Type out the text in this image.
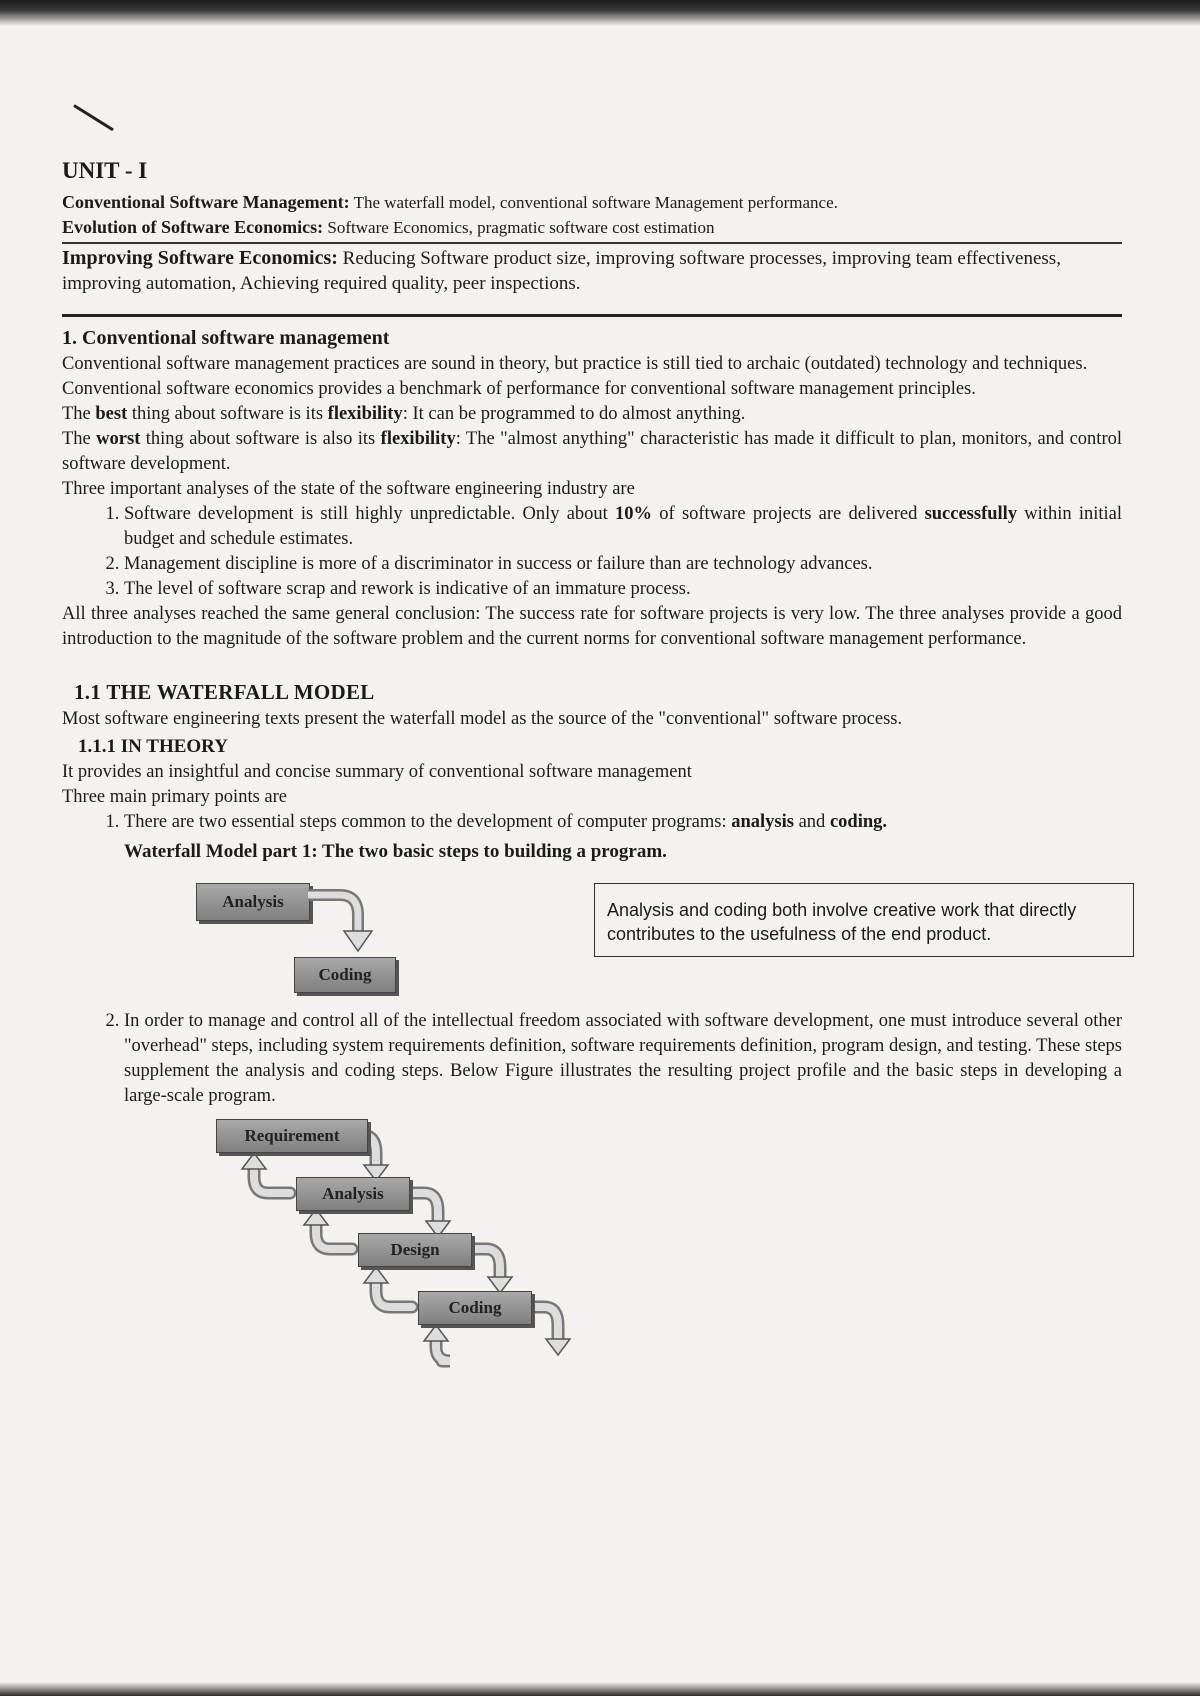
UNIT - I

Conventional Software Management: The waterfall model, conventional software Management performance.

Evolution of Software Economics: Software Economics, pragmatic software cost estimation

Improving Software Economics: Reducing Software product size, improving software processes, improving team effectiveness, improving automation, Achieving required quality, peer inspections.

1. Conventional software management

Conventional software management practices are sound in theory, but practice is still tied to archaic (outdated) technology and techniques.

Conventional software economics provides a benchmark of performance for conventional software management principles.

The best thing about software is its flexibility: It can be programmed to do almost anything.

The worst thing about software is also its flexibility: The "almost anything" characteristic has made it difficult to plan, monitors, and control software development.

Three important analyses of the state of the software engineering industry are

1. Software development is still highly unpredictable. Only about 10% of software projects are delivered successfully within initial budget and schedule estimates.
2. Management discipline is more of a discriminator in success or failure than are technology advances.
3. The level of software scrap and rework is indicative of an immature process.

All three analyses reached the same general conclusion: The success rate for software projects is very low. The three analyses provide a good introduction to the magnitude of the software problem and the current norms for conventional software management performance.

1.1 THE WATERFALL MODEL

Most software engineering texts present the waterfall model as the source of the "conventional" software process.

1.1.1 IN THEORY

It provides an insightful and concise summary of conventional software management

Three main primary points are

1. There are two essential steps common to the development of computer programs: analysis and coding.
Waterfall Model part 1: The two basic steps to building a program.
Analysis
Coding
Analysis and coding both involve creative work that directly contributes to the usefulness of the end product.
2. In order to manage and control all of the intellectual freedom associated with software development, one must introduce several other "overhead" steps, including system requirements definition, software requirements definition, program design, and testing. These steps supplement the analysis and coding steps. Below Figure illustrates the resulting project profile and the basic steps in developing a large-scale program.
Requirement
Analysis
Design
Coding
